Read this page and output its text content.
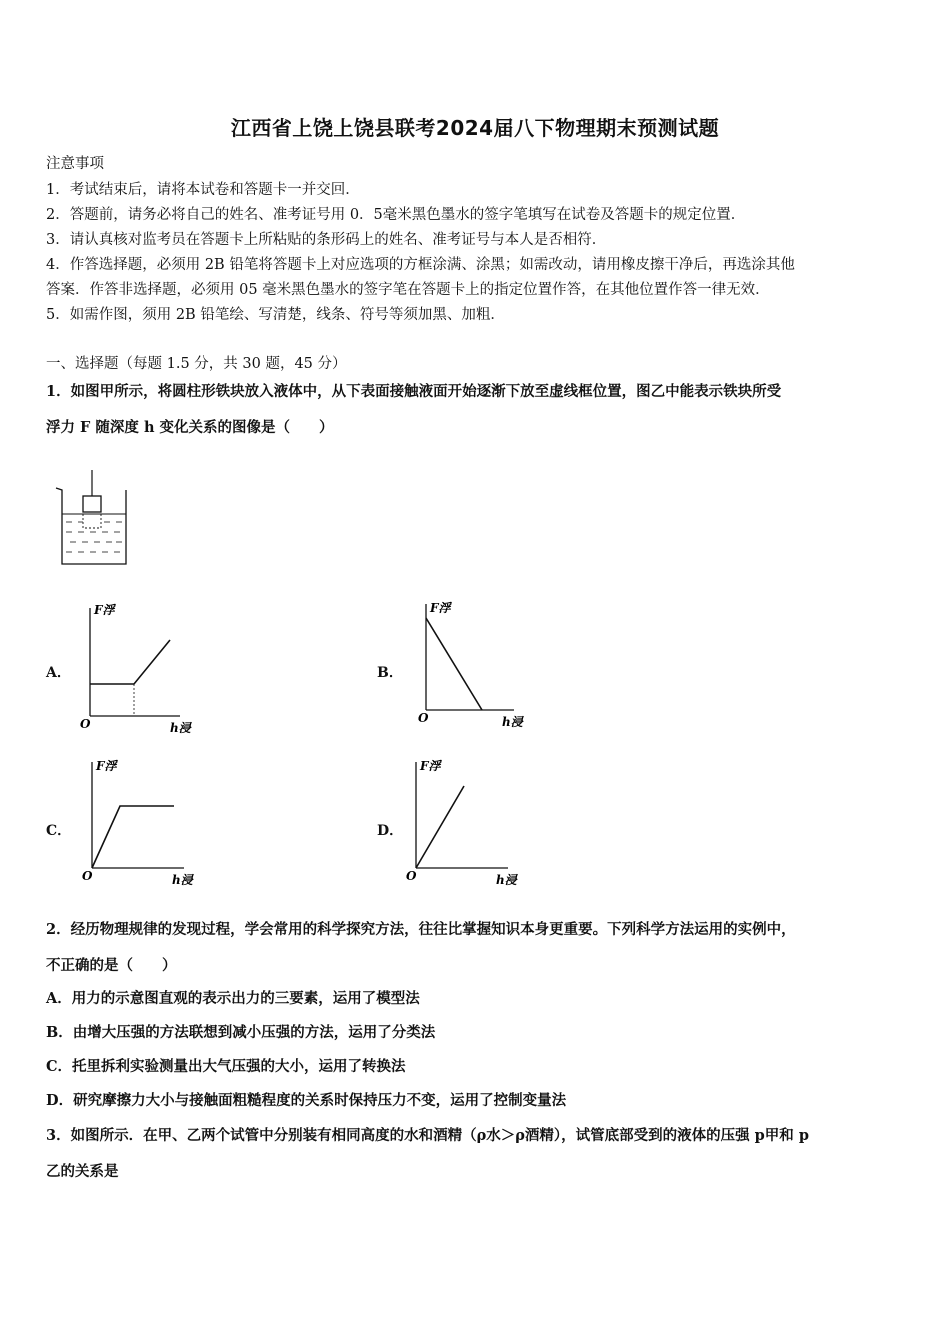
江西省上饶上饶县联考2024届八下物理期末预测试题
注意事项
1．考试结束后，请将本试卷和答题卡一并交回．
2．答题前，请务必将自己的姓名、准考证号用 0．5毫米黑色墨水的签字笔填写在试卷及答题卡的规定位置．
3．请认真核对监考员在答题卡上所粘贴的条形码上的姓名、准考证号与本人是否相符．
4．作答选择题，必须用 2B 铅笔将答题卡上对应选项的方框涂满、涂黑；如需改动，请用橡皮擦干净后，再选涂其他
答案．作答非选择题，必须用 05 毫米黑色墨水的签字笔在答题卡上的指定位置作答，在其他位置作答一律无效．
5．如需作图，须用 2B 铅笔绘、写清楚，线条、符号等须加黑、加粗．
一、选择题（每题 1.5 分，共 30 题，45 分）
1．如图甲所示，将圆柱形铁块放入液体中，从下表面接触液面开始逐渐下放至虚线框位置，图乙中能表示铁块所受
浮力 F 随深度 h 变化关系的图像是（　　）
A．
F浮
O	h浸
B．
F浮
O	h浸
C．
F浮
O	h浸
D．
F浮
O	h浸
2．经历物理规律的发现过程，学会常用的科学探究方法，往往比掌握知识本身更重要。下列科学方法运用的实例中，
不正确的是（　　）
A．用力的示意图直观的表示出力的三要素，运用了模型法
B．由增大压强的方法联想到减小压强的方法，运用了分类法
C．托里拆利实验测量出大气压强的大小，运用了转换法
D．研究摩擦力大小与接触面粗糙程度的关系时保持压力不变，运用了控制变量法
3．如图所示．在甲、乙两个试管中分别装有相同高度的水和酒精（ρ水＞ρ酒精），试管底部受到的液体的压强 p甲和 p
乙的关系是
